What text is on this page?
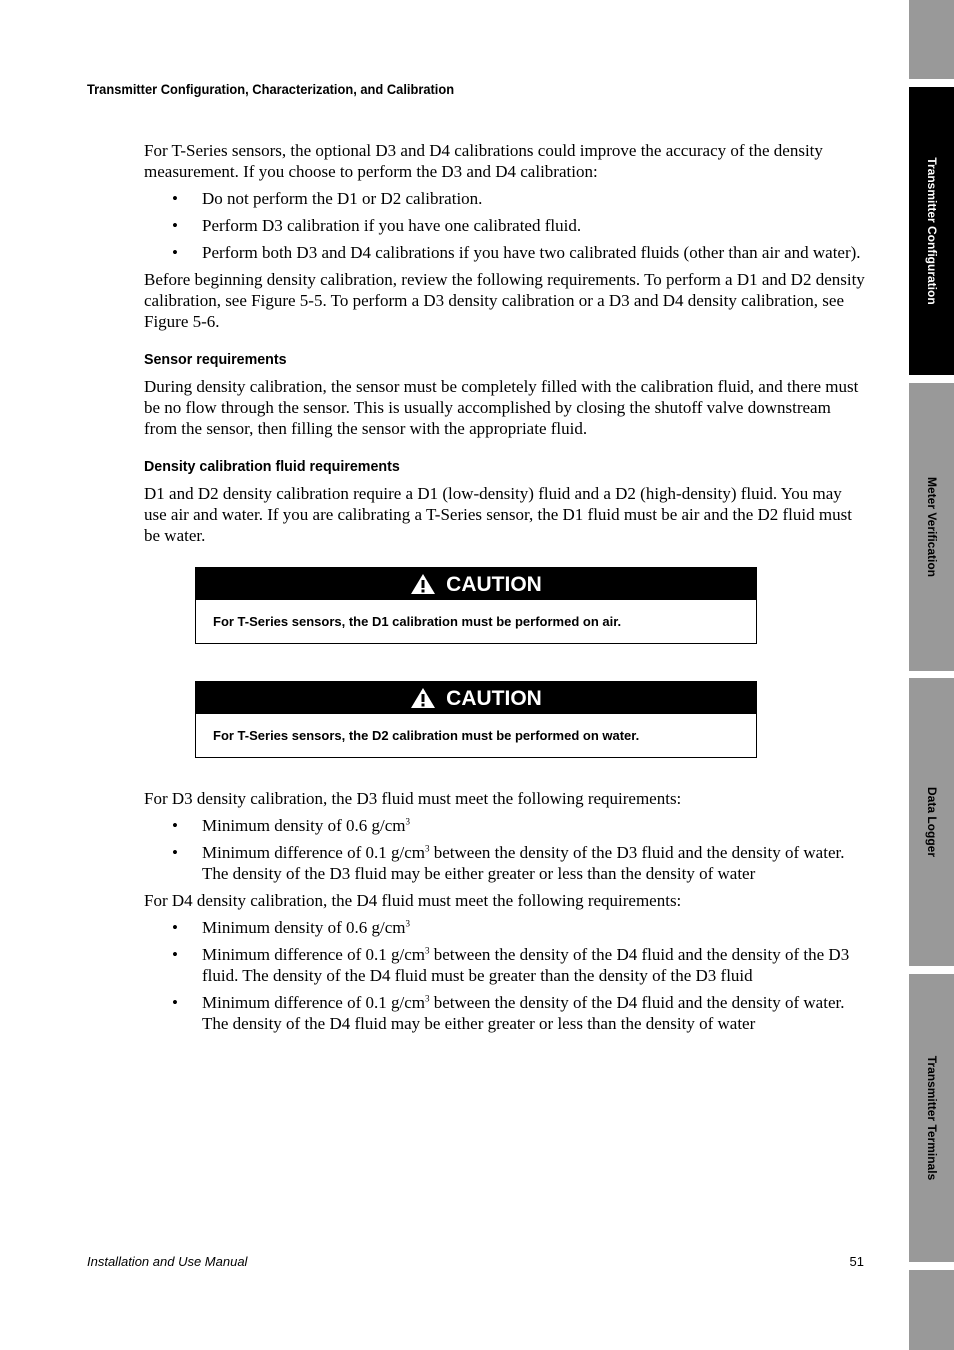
Transmitter Configuration, Characterization, and Calibration

For T-Series sensors, the optional D3 and D4 calibrations could improve the accuracy of the density measurement. If you choose to perform the D3 and D4 calibration:

• Do not perform the D1 or D2 calibration.
• Perform D3 calibration if you have one calibrated fluid.
• Perform both D3 and D4 calibrations if you have two calibrated fluids (other than air and water).

Before beginning density calibration, review the following requirements. To perform a D1 and D2 density calibration, see Figure 5-5. To perform a D3 density calibration or a D3 and D4 density calibration, see Figure 5-6.

Sensor requirements

During density calibration, the sensor must be completely filled with the calibration fluid, and there must be no flow through the sensor. This is usually accomplished by closing the shutoff valve downstream from the sensor, then filling the sensor with the appropriate fluid.

Density calibration fluid requirements

D1 and D2 density calibration require a D1 (low-density) fluid and a D2 (high-density) fluid. You may use air and water. If you are calibrating a T-Series sensor, the D1 fluid must be air and the D2 fluid must be water.

CAUTION
For T-Series sensors, the D1 calibration must be performed on air.
CAUTION
For T-Series sensors, the D2 calibration must be performed on water.

For D3 density calibration, the D3 fluid must meet the following requirements:

• Minimum density of 0.6 $g/cm^3$
• Minimum difference of 0.1 $g/cm^3$ between the density of the D3 fluid and the density of water. The density of the D3 fluid may be either greater or less than the density of water

For D4 density calibration, the D4 fluid must meet the following requirements:

• Minimum density of 0.6 $g/cm^3$
• Minimum difference of 0.1 $g/cm^3$ between the density of the D4 fluid and the density of the D3 fluid. The density of the D4 fluid must be greater than the density of the D3 fluid
• Minimum difference of 0.1 $g/cm^3$ between the density of the D4 fluid and the density of water. The density of the D4 fluid may be either greater or less than the density of water
Transmitter Configuration
Meter Verification
Data Logger
Transmitter Terminals
Installation and Use Manual	51
